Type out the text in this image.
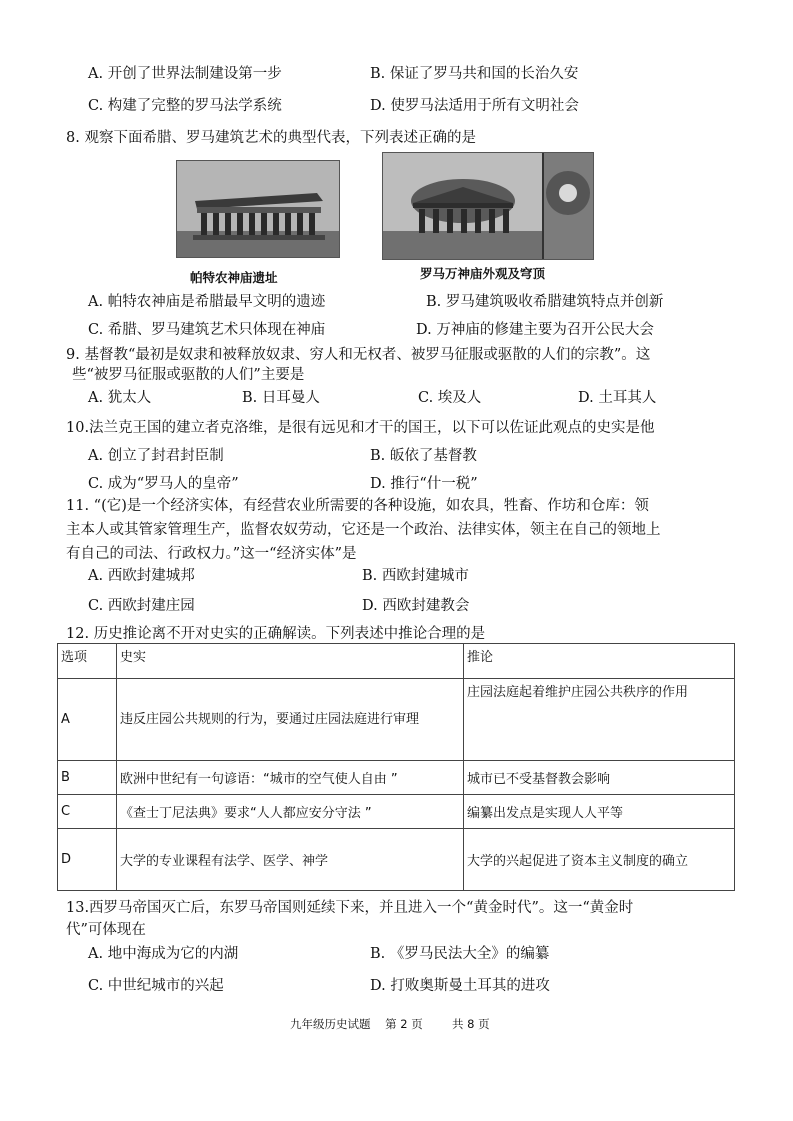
A. 开创了世界法制建设第一步	B. 保证了罗马共和国的长治久安
C. 构建了完整的罗马法学系统	D. 使罗马法适用于所有文明社会
8. 观察下面希腊、罗马建筑艺术的典型代表，下列表述正确的是
帕特农神庙遗址	罗马万神庙外观及穹顶
A. 帕特农神庙是希腊最早文明的遗迹	B. 罗马建筑吸收希腊建筑特点并创新
C. 希腊、罗马建筑艺术只体现在神庙	D. 万神庙的修建主要为召开公民大会
9. 基督教“最初是奴隶和被释放奴隶、穷人和无权者、被罗马征服或驱散的人们的宗教”。这
些“被罗马征服或驱散的人们”主要是
A. 犹太人	B. 日耳曼人	C. 埃及人	D. 土耳其人
10.法兰克王国的建立者克洛维，是很有远见和才干的国王，以下可以佐证此观点的史实是他
A. 创立了封君封臣制	B. 皈依了基督教
C. 成为“罗马人的皇帝”	D. 推行“什一税”
11. “(它)是一个经济实体，有经营农业所需要的各种设施，如农具，牲畜、作坊和仓库：领
主本人或其管家管理生产，监督农奴劳动，它还是一个政治、法律实体，领主在自己的领地上
有自己的司法、行政权力。”这一“经济实体”是
A. 西欧封建城邦	B. 西欧封建城市
C. 西欧封建庄园	D. 西欧封建教会
12. 历史推论离不开对史实的正确解读。下列表述中推论合理的是
选项	史实	推论
A	违反庄园公共规则的行为，要通过庄园法庭进行审理	庄园法庭起着维护庄园公共秩序的作用
B	欧洲中世纪有一句谚语：“城市的空气使人自由 ”	城市已不受基督教会影响
C	《查士丁尼法典》要求“人人都应安分守法 ”	编纂出发点是实现人人平等
D	大学的专业课程有法学、医学、神学	大学的兴起促进了资本主义制度的确立
13.西罗马帝国灭亡后，东罗马帝国则延续下来，并且进入一个“黄金时代”。这一“黄金时
代”可体现在
A. 地中海成为它的内湖	B. 《罗马民法大全》的编纂
C. 中世纪城市的兴起	D. 打败奥斯曼土耳其的进攻
九年级历史试题    第 2 页        共 8 页
